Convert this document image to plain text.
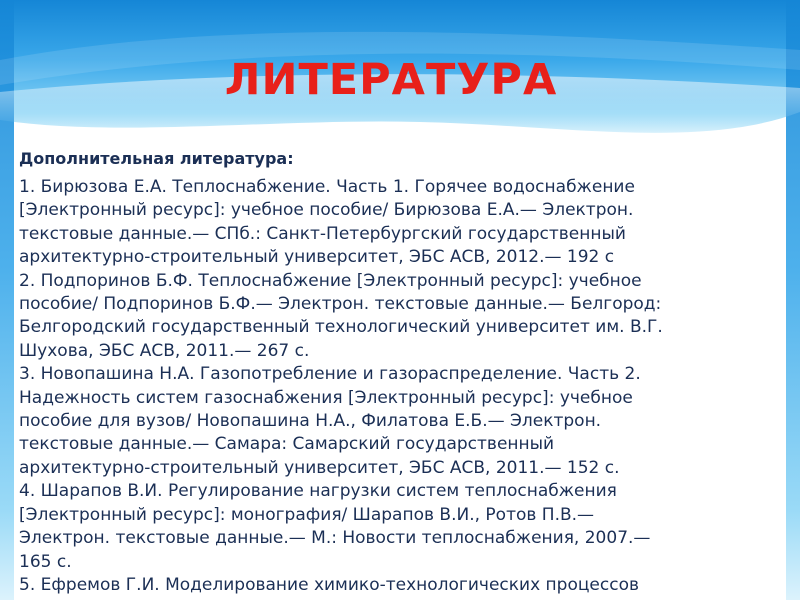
ЛИТЕРАТУРА

Дополнительная литература:

1. Бирюзова Е.А. Теплоснабжение. Часть 1. Горячее водоснабжение
[Электронный ресурс]: учебное пособие/ Бирюзова Е.А.— Электрон.
текстовые данные.— СПб.: Санкт-Петербургский государственный
архитектурно-строительный университет, ЭБС АСВ, 2012.— 192 с

2. Подпоринов Б.Ф. Теплоснабжение [Электронный ресурс]: учебное
пособие/ Подпоринов Б.Ф.— Электрон. текстовые данные.— Белгород:
Белгородский государственный технологический университет им. В.Г.
Шухова, ЭБС АСВ, 2011.— 267 с.

3. Новопашина Н.А. Газопотребление и газораспределение. Часть 2.
Надежность систем газоснабжения [Электронный ресурс]: учебное
пособие для вузов/ Новопашина Н.А., Филатова Е.Б.— Электрон.
текстовые данные.— Самара: Самарский государственный
архитектурно-строительный университет, ЭБС АСВ, 2011.— 152 с.

4. Шарапов В.И. Регулирование нагрузки систем теплоснабжения
[Электронный ресурс]: монография/ Шарапов В.И., Ротов П.В.—
Электрон. текстовые данные.— М.: Новости теплоснабжения, 2007.—
165 с.

5. Ефремов Г.И. Моделирование химико-технологических процессов
